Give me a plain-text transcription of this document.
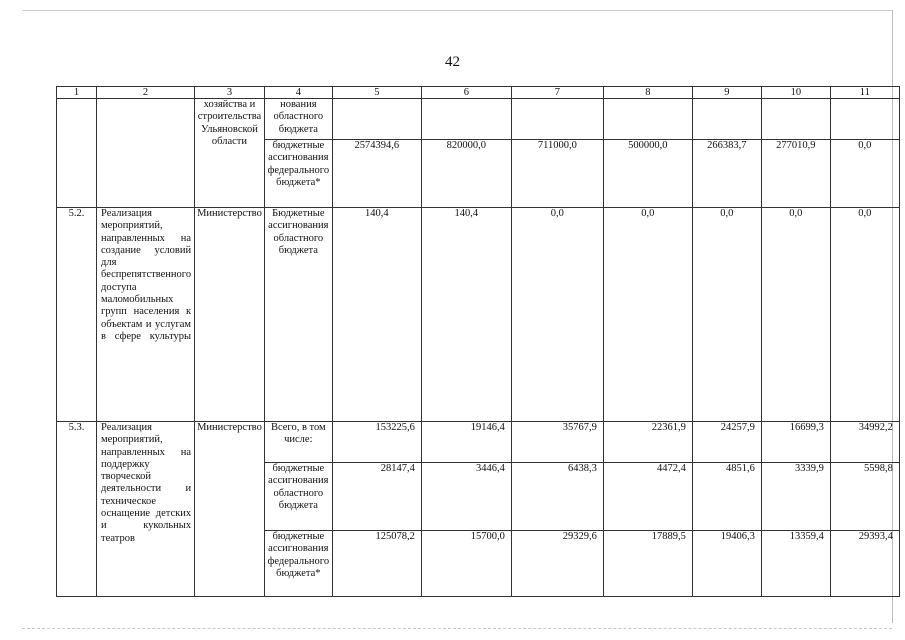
42
1	2	3	4	5	6	7	8	9	10	11
		хозяйства и строительства Ульяновской области	нования областного бюджета							
			бюджетные ассигнования федерального бюджета*	2574394,6	820000,0	711000,0	500000,0	266383,7	277010,9	0,0
5.2.	Реализация мероприятий, направленных на создание условий для беспрепятственного доступа маломобильных групп населения к объектам и услугам в сфере культуры	Министерство	Бюджетные ассигнования областного бюджета	140,4	140,4	0,0	0,0	0,0	0,0	0,0
5.3.	Реализация мероприятий, направленных на поддержку творческой деятельности и техническое оснащение детских и кукольных театров	Министерство	Всего, в том числе:	153225,6	19146,4	35767,9	22361,9	24257,9	16699,3	34992,2
			бюджетные ассигнования областного бюджета	28147,4	3446,4	6438,3	4472,4	4851,6	3339,9	5598,8
			бюджетные ассигнования федерального бюджета*	125078,2	15700,0	29329,6	17889,5	19406,3	13359,4	29393,4
